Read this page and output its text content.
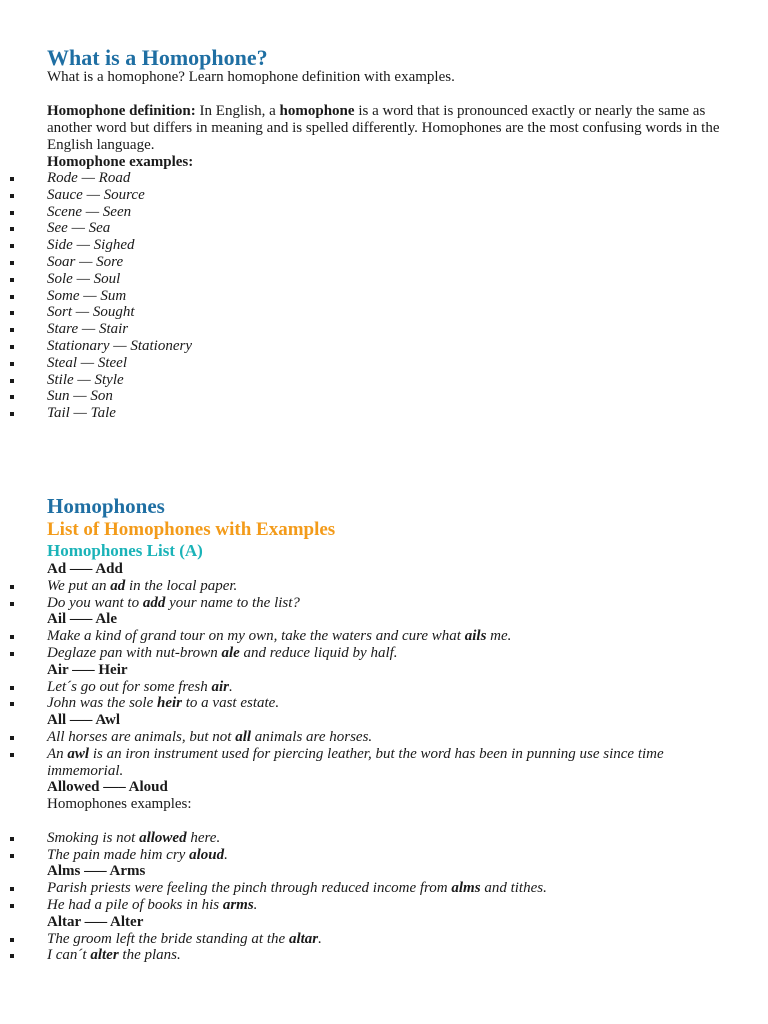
What is a Homophone?

What is a homophone? Learn homophone definition with examples.

Homophone definition: In English, a homophone is a word that is pronounced exactly or nearly the same as another word but differs in meaning and is spelled differently. Homophones are the most confusing words in the English language.

Homophone examples:

Rode — Road
Sauce — Source
Scene — Seen
See — Sea
Side — Sighed
Soar — Sore
Sole — Soul
Some — Sum
Sort — Sought
Stare — Stair
Stationary — Stationery
Steal — Steel
Stile — Style
Sun — Son
Tail — Tale
Homophones
List of Homophones with Examples
Homophones List (A)
Ad —– Add
We put an ad in the local paper.
Do you want to add your name to the list?
Ail —– Ale
Make a kind of grand tour on my own, take the waters and cure what ails me.
Deglaze pan with nut-brown ale and reduce liquid by half.
Air —– Heir
Let´s go out for some fresh air.
John was the sole heir to a vast estate.
All —– Awl
All horses are animals, but not all animals are horses.
An awl is an iron instrument used for piercing leather, but the word has been in punning use since time immemorial.
Allowed —– Aloud
Homophones examples:
Smoking is not allowed here.
The pain made him cry aloud.
Alms —– Arms
Parish priests were feeling the pinch through reduced income from alms and tithes.
He had a pile of books in his arms.
Altar —– Alter
The groom left the bride standing at the altar.
I can´t alter the plans.
